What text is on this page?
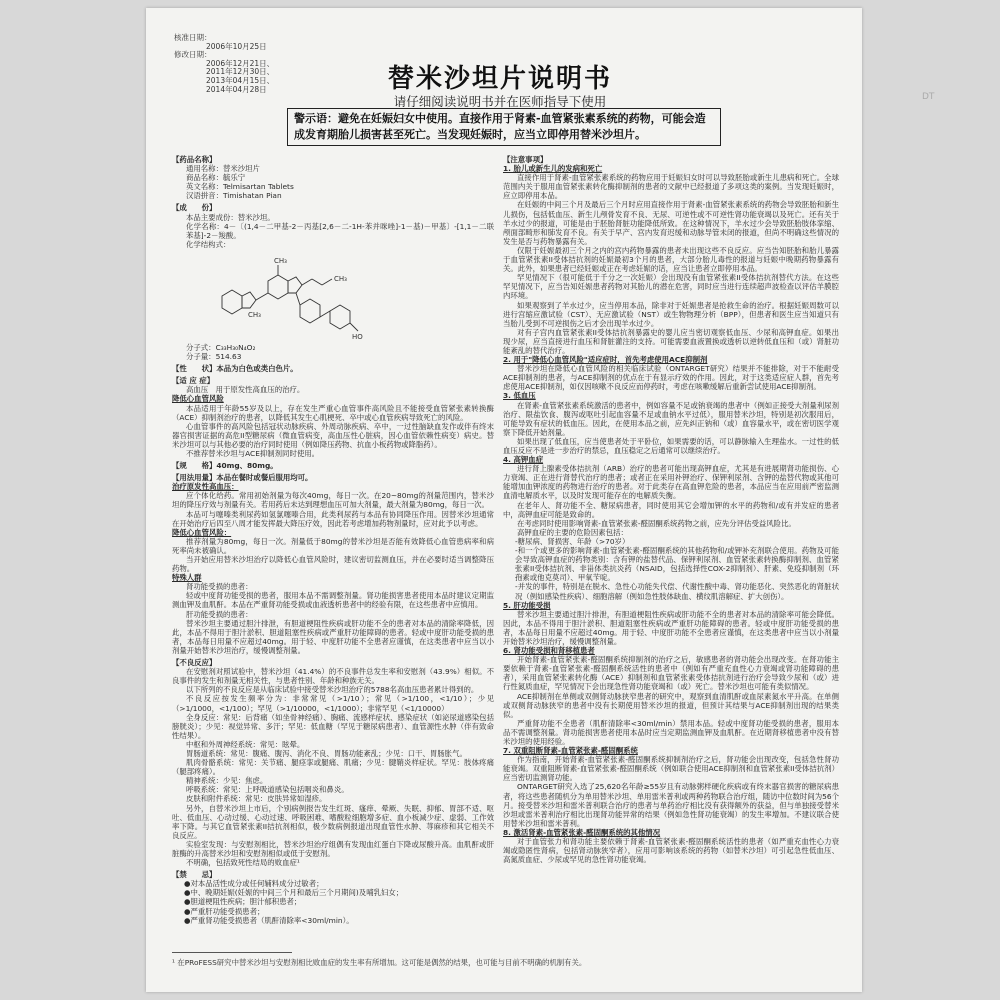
DT
核准日期：
2006年10月25日
修改日期：
2006年12月21日、
2011年12月30日、
2013年04月15日、
2014年04月28日	替米沙坦片说明书
请仔细阅读说明书并在医师指导下使用
警示语：避免在妊娠妇女中使用。直接作用于肾素-血管紧张素系统的药物，可能会造成发育期胎儿损害甚至死亡。当发现妊娠时，应当立即停用替米沙坦片。

【药品名称】

通用名称：替米沙坦片

商品名称：毓乐宁

英文名称：Telmisartan Tablets

汉语拼音：Timishatan Pian

【成　　份】

本品主要成份：替米沙坦。

化学名称：4－〔(1,4－二甲基-2－丙基[2,6－二-1H-苯并咪唑]-1－基)－甲基〕-[1,1－二联苯基]-2－羧酸。

化学结构式：

CH₃
CH₃
CH₃
HO

分子式：C₃₃H₃₀N₄O₂

分子量：514.63

【性　　状】本品为白色或类白色片。

【适 应 症】

高血压　用于原发性高血压的治疗。

降低心血管风险

本品适用于年龄55岁及以上，存在发生严重心血管事件高风险且不能接受血管紧张素转换酶（ACE）抑制剂治疗的患者，以降低其发生心肌梗死、卒中或心血管疾病导致死亡的风险。

心血管事件的高风险包括冠状动脉疾病、外周动脉疾病、卒中，一过性脑缺血发作或伴有终末器官损害证据的高危II型糖尿病（微血管病变，高血压性心脏病，因心血管依赖性病变）病史。替米沙坦可以与其他必要的治疗同时使用（例如降压药物、抗血小板药物或降脂药）。

不推荐替米沙坦与ACE抑制剂同时使用。

【规　　格】40mg、80mg。

【用法用量】本品在餐时或餐后服用均可。

治疗原发性高血压：

应个体化给药。常用初始剂量为每次40mg，每日一次。在20~80mg的剂量范围内，替米沙坦的降压疗效与剂量有关。若用药后未达到理想血压可加大剂量，最大剂量为80mg，每日一次。

本品可与噻嗪类利尿药如氢氯噻嗪合用，此类利尿药与本品有协同降压作用。因替米沙坦通常在开始治疗后四至八周才能发挥最大降压疗效，因此若考虑增加药物剂量时，应对此予以考虑。

降低心血管风险：

推荐剂量为80mg，每日一次。剂量低于80mg的替米沙坦是否能有效降低心血管患病率和病死率尚未被确认。

当开始应用替米沙坦治疗以降低心血管风险时，建议密切监测血压，并在必要时适当调整降压药物。

特殊人群

肾功能受损的患者：

轻或中度肾功能受损的患者，服用本品不需调整剂量。肾功能损害患者使用本品时建议定期监测血钾及血肌酐。本品在严重肾功能受损或血液透析患者中的经验有限，在这些患者中应慎用。

肝功能受损的患者：

替米沙坦主要通过胆汁排泄，有胆道梗阻性疾病或肝功能不全的患者对本品的清除率降低，因此，本品不得用于胆汁淤积、胆道阻塞性疾病或严重肝功能障碍的患者。轻或中度肝功能受损的患者，本品每日用量不应超过40mg。用于轻、中度肝功能不全患者应谨慎，在这类患者中应当以小剂量开始替米沙坦治疗，缓慢调整剂量。

【不良反应】

在安慰剂对照试验中，替米沙坦（41.4%）的不良事件总发生率和安慰剂（43.9%）相似。不良事件的发生和剂量无相关性，与患者性别、年龄和种族无关。

以下所列的不良反应是从临床试验中接受替米沙坦治疗的5788名高血压患者累计得到的。

不良反应按发生频率分为：非常常见（>1/10）；常见（>1/100，<1/10）；少见（>1/1000，<1/100）；罕见（>1/10000，<1/1000）；非常罕见（<1/10000）

全身反应：常见：后背痛（如坐骨神经痛）、胸痛、流感样症状、感染症状（如泌尿道感染包括膀胱炎）；少见：视觉异常、多汗；罕见：低血糖（罕见于糖尿病患者）、血管源性水肿（伴有致命性结果）。

中枢和外周神经系统：常见：眩晕。

胃肠道系统：常见：腹痛、腹泻、消化不良、胃肠功能紊乱；少见：口干、胃肠胀气。

肌肉骨骼系统：常见：关节痛、腿痉挛或腿痛、肌痛；少见：腱鞘炎样症状。罕见：肢体疼痛（腿部疼痛）。

精神系统：少见：焦虑。

呼吸系统：常见：上呼吸道感染包括咽炎和鼻炎。

皮肤和附件系统：常见：皮肤异常如湿疹。

另外，自替米沙坦上市后，个别病例报告发生红斑、瘙痒、晕厥、失眠、抑郁、胃部不适、呕吐、低血压、心动过缓、心动过速、呼吸困难、嗜酸粒细胞增多症、血小板减少症、虚弱、工作效率下降。与其它血管紧张素II拮抗剂相似，极少数病例报道出现血管性水肿、荨麻疹和其它相关不良反应。

实验室发现：与安慰剂相比，替米沙坦治疗组偶有发现血红蛋白下降或尿酸升高。血肌酐或肝脏酶的升高替米沙坦和安慰剂相似或低于安慰剂。

不明确，包括致死性结局的败血症¹

【禁　　忌】

●对本品活性成分或任何辅料成分过敏者；

●中、晚期妊娠(妊娠的中间三个月和最后三个月期间)及哺乳妇女；

●胆道梗阻性疾病；胆汁郁积患者；

●严重肝功能受损患者；

●严重肾功能受损患者（肌酐清除率<30ml/min）。

【注意事项】

1. 胎儿或新生儿的发病和死亡

直接作用于肾素-血管紧张素系统的药物应用于妊娠妇女时可以导致胚胎或新生儿患病和死亡。全球范围内关于服用血管紧张素转化酶抑制剂的患者的文献中已经报道了多项这类的案例。当发现妊娠时，应立即停用本品。

在妊娠的中间三个月及最后三个月时应用直接作用于肾素-血管紧张素系统的药物会导致胚胎和新生儿损伤，包括低血压、新生儿颅骨发育不良、无尿、可逆性或不可逆性肾功能衰竭以及死亡。还有关于羊水过少的报道，可能是由于胚胎肾脏功能降低所致。在这种情况下，羊水过少会导致胚胎肢体挛缩、颅面部畸形和肺发育不良。有关于早产、宫内发育迟缓和动脉导管未闭的报道，但尚不明确这些情况的发生是否与药物暴露有关。

仅限于妊娠最初三个月之内的宫内药物暴露的患者未出现这些不良反应。应当告知胚胎和胎儿暴露于血管紧张素II受体拮抗剂的妊娠最初3个月的患者，大部分胎儿毒性的报道与妊娠中晚期药物暴露有关。此外，如果患者已经妊娠或正在考虑妊娠的话，应当让患者立即停用本品。

罕见情况下（很可能低于千分之一次妊娠）会出现没有血管紧张素II受体拮抗剂替代方法。在这些罕见情况下，应当告知妊娠患者药物对其胎儿的潜在危害，同时应当进行连续超声波检查以评估羊膜腔内环境。

如果观察到了羊水过少，应当停用本品，除非对于妊娠患者是抢救生命的治疗。根据妊娠周数可以进行宫缩应激试验（CST）、无应激试验（NST）或生物物理分析（BPP），但患者和医生应当知道只有当胎儿受到不可逆损伤之后才会出现羊水过少。

对有子宫内血管紧张素II受体拮抗剂暴露史的婴儿应当密切观察低血压、少尿和高钾血症。如果出现少尿，应当直接进行血压和肾脏灌注的支持。可能需要血液置换或透析以逆转低血压和（或）肾脏功能紊乱的替代治疗。

2. 用于"降低心血管风险"适应症时，首先考虑使用ACE抑制剂

替米沙坦在降低心血管风险的相关临床试验（ONTARGET研究）结果并不能排除，对于不能耐受ACE抑制剂的患者，与ACE抑制剂的优点在于有显示疗效的作用。因此，对于这类适应症人群，首先考虑使用ACE抑制剂，如仅因咳嗽不良反应而停药时，考虑在咳嗽缓解后重新尝试使用ACE抑制剂。

3. 低血压

在肾素-血管紧张素系统激活的患者中，例如容量不足或钠衰竭的患者中（例如正接受大剂量利尿剂治疗、限盐饮食、腹泻或呕吐引起血容量不足或血钠水平过低），服用替米沙坦，特别是初次服用后，可能导致有症状的低血压。因此，在使用本品之前，应先纠正钠和（或）血容量水平，或在密切医学观察下降低开始剂量。

如果出现了低血压，应当使患者处于平卧位，如果需要的话，可以静脉输入生理盐水。一过性的低血压反应不是进一步治疗的禁忌，血压稳定之后通常可以继续治疗。

4. 高钾血症

进行肾上腺素受体拮抗剂（ARB）治疗的患者可能出现高钾血症，尤其是有进展期肾功能损伤、心力衰竭、正在进行肾替代治疗的患者；或者正在采用补钾治疗、保钾利尿剂、含钾的盐替代物或其他可能增加血钾浓度的药物进行治疗的患者。对于此类存在高血钾危险的患者，本品应当在应用前严密监测血清电解质水平，以及时发现可能存在的电解质失衡。

在老年人、肾功能不全、糖尿病患者，同时使用其它会增加钾的水平的药物和/或有并发症的患者中，高钾血症可能是致命的。

在考虑同时使用影响肾素-血管紧张素-醛固酮系统药物之前，应先分评估受益风险比。

高钾血症的主要的危险因素包括：

-糖尿病、肾损害、年龄（>70岁）

-和一个或更多的影响肾素-血管紧张素-醛固酮系统的其他药物和/或钾补充剂联合使用。药物及可能会导致高钾血症的药物类别：含有钾的盐替代品、保钾利尿剂、血管紧张素转换酶抑制剂、血管紧张素II受体拮抗剂、非甾体类抗炎药（NSAID，包括选择性COX-2抑制剂）、肝素、免疫抑制剂（环孢素或他克莫司）、甲氧苄啶。

-并发的事件，特别是在脱水、急性心功能失代偿、代谢性酸中毒、肾功能恶化、突然恶化的肾脏状况（例如感染性疾病）、细胞溶解（例如急性肢体缺血、横纹肌溶解症、扩大创伤）。

5. 肝功能受损

替米沙坦主要通过胆汁排泄，有胆道梗阻性疾病或肝功能不全的患者对本品的清除率可能会降低。因此，本品不得用于胆汁淤积、胆道阻塞性疾病或严重肝功能障碍的患者。轻或中度肝功能受损的患者，本品每日用量不应超过40mg。用于轻、中度肝功能不全患者应谨慎，在这类患者中应当以小剂量开始替米沙坦治疗，缓慢调整剂量。

6. 肾功能受损和肾移植患者

开始肾素-血管紧张素-醛固酮系统抑制剂的治疗之后，敏感患者的肾功能会出现改变。在肾功能主要依赖于肾素-血管紧张素-醛固酮系统活性的患者中（例如有严重充血性心力衰竭或肾功能障碍的患者），采用血管紧张素转化酶（ACE）抑制剂和血管紧张素受体拮抗剂进行治疗会导致少尿和（或）进行性氮质血症，罕见情况下会出现急性肾功能衰竭和（或）死亡。替米沙坦也可能有类似情况。

ACE抑制剂在单侧或双侧肾动脉狭窄患者的研究中，观察到血清肌酐或血尿素氮水平升高。在单侧或双侧肾动脉狭窄的患者中没有长期使用替米沙坦的报道，但预计其结果与ACE抑制剂出现的结果类似。

严重肾功能不全患者（肌酐清除率<30ml/min）禁用本品。轻或中度肾功能受损的患者，服用本品不需调整剂量。肾功能损害患者使用本品时应当定期监测血钾及血肌酐。在近期肾移植患者中没有替米沙坦的使用经验。

7. 双重阻断肾素-血管紧张素-醛固酮系统

作为指南，开始肾素-血管紧张素-醛固酮系统抑制剂治疗之后，肾功能会出现改变，包括急性肾功能衰竭。双重阻断肾素-血管紧张素-醛固酮系统（例如联合使用ACE抑制剂和血管紧张素II受体拮抗剂）应当密切监测肾功能。

ONTARGET研究入选了25,620名年龄≥55岁且有动脉粥样硬化疾病或有终末器官损害的糖尿病患者，将这些患者随机分为单用替米沙坦、单用雷米普利或两种药物联合治疗组，随访中位数时间为56个月。接受替米沙坦和雷米普利联合治疗的患者与单药治疗相比没有获得额外的获益，但与单独接受替米沙坦或雷米普利治疗相比出现肾功能异常的结果（例如急性肾功能衰竭）的发生率增加。不建议联合使用替米沙坦和雷米普利。

8. 激活肾素-血管紧张素-醛固酮系统的其他情况

对于血管张力和肾功能主要依赖于肾素-血管紧张素-醛固酮系统活性的患者（如严重充血性心力衰竭或隐匿性肾病，包括肾动脉狭窄者），应用可影响该系统的药物（如替米沙坦）可引起急性低血压、高氮质血症、少尿或罕见的急性肾功能衰竭。

¹ 在PRoFESS研究中替米沙坦与安慰剂相比败血症的发生率有所增加。这可能是偶然的结果，也可能与目前不明确的机制有关。
